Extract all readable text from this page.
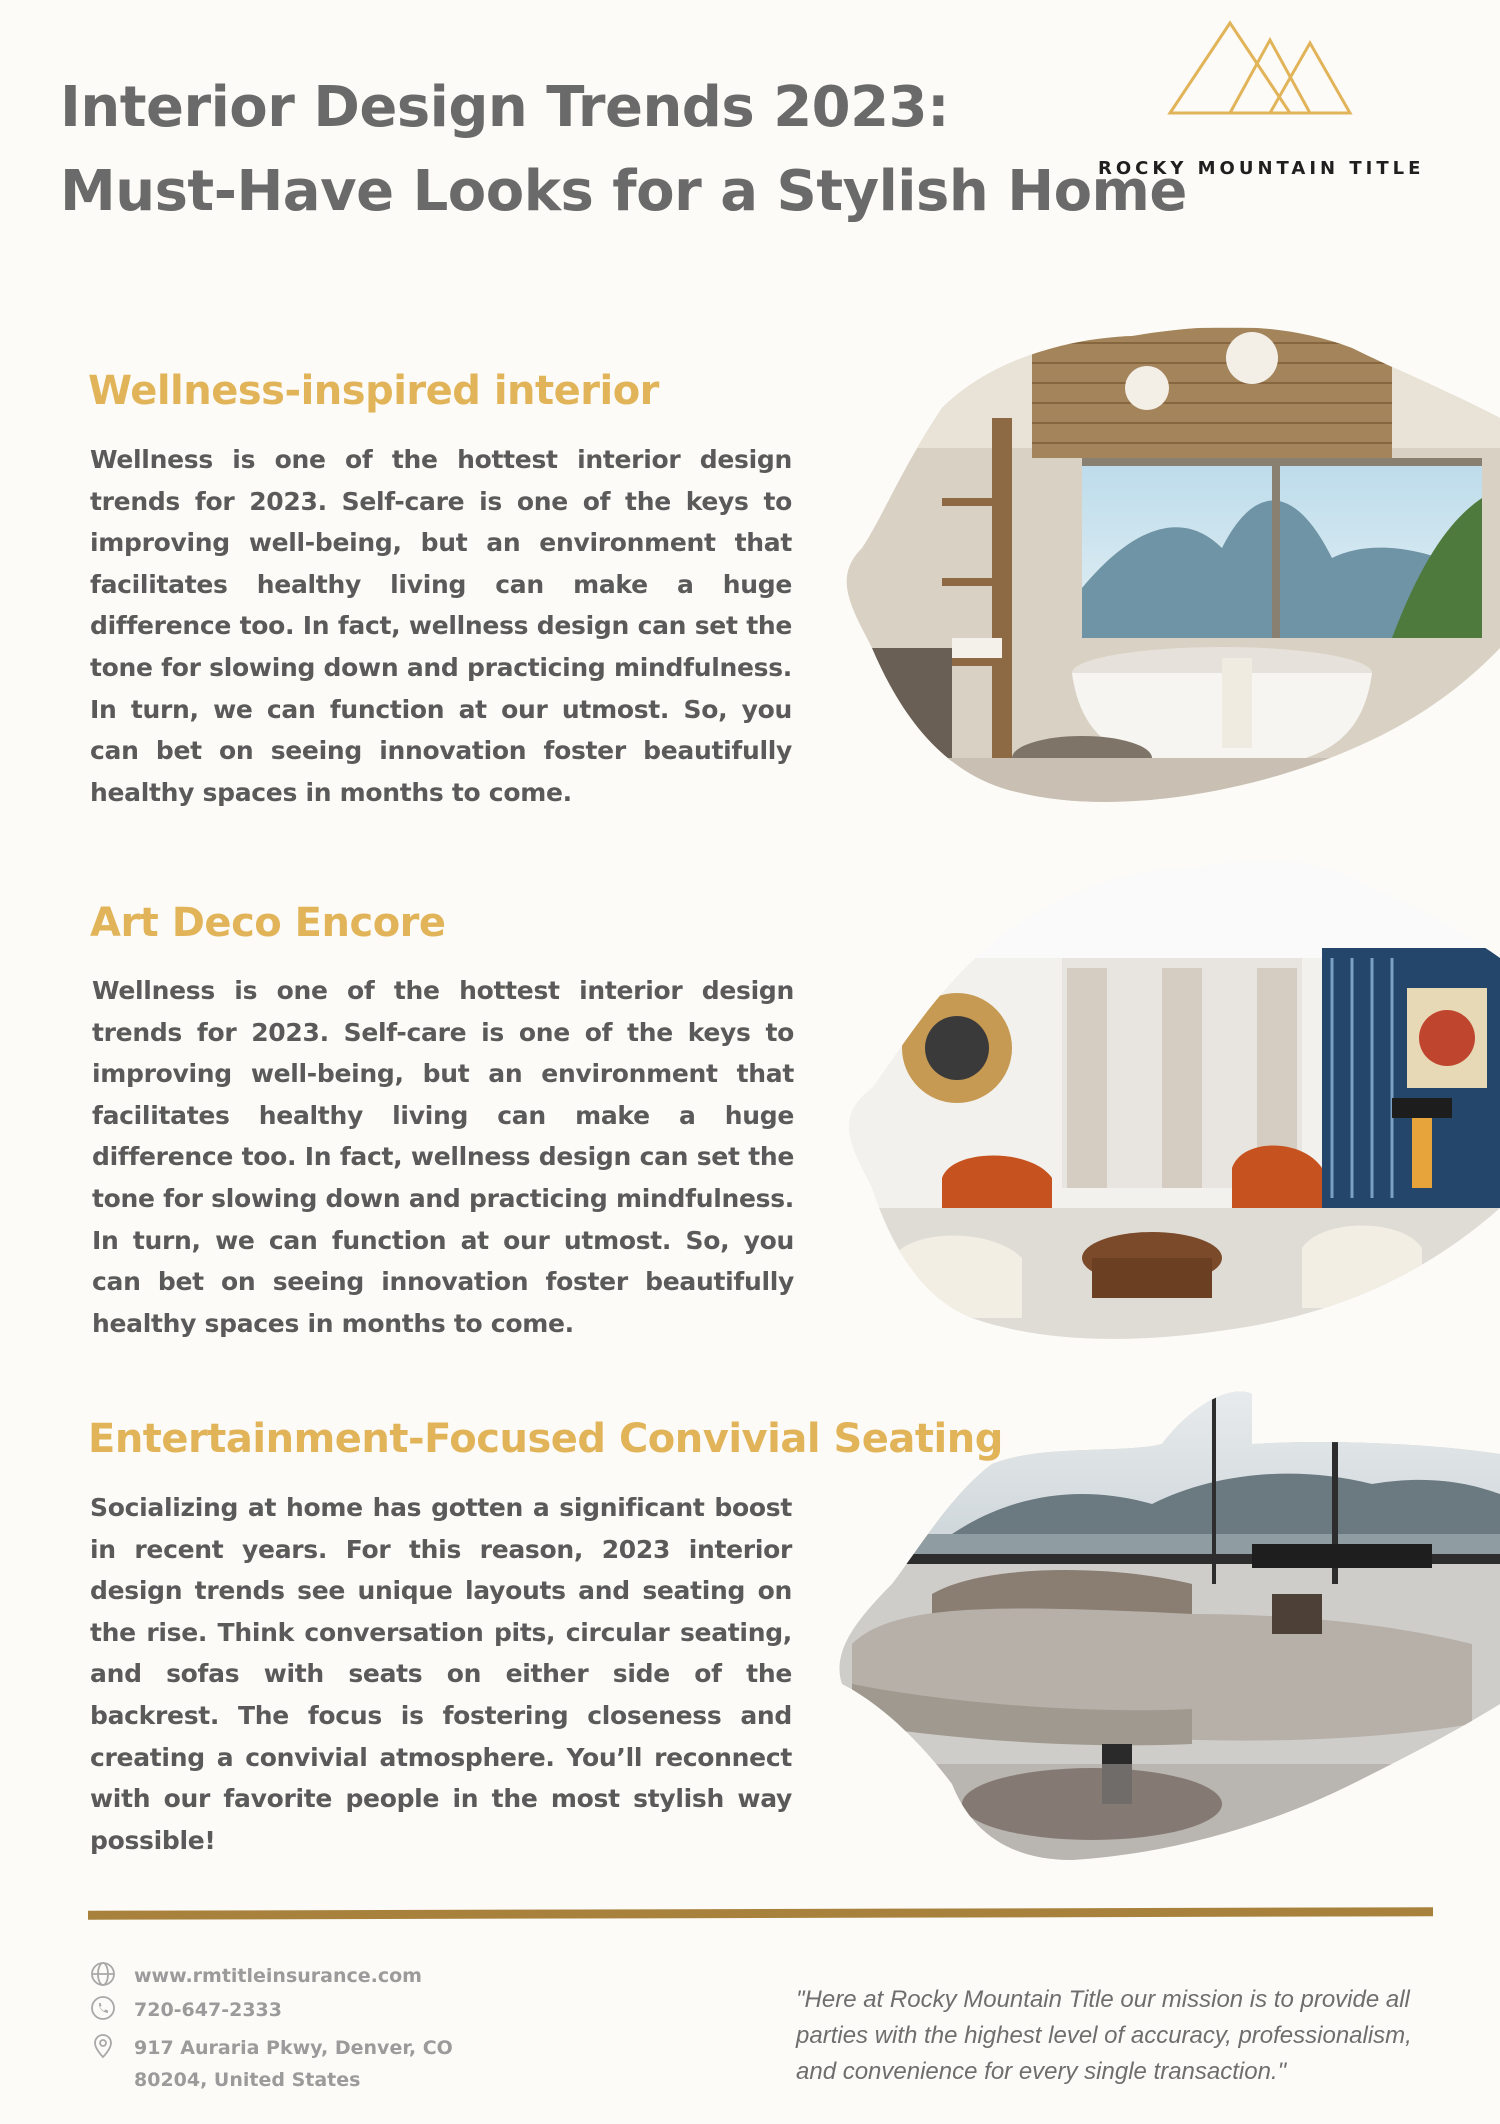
Interior Design Trends 2023:
Must-Have Looks for a Stylish Home
ROCKY MOUNTAIN TITLE
Wellness-inspired interior
Wellness is one of the hottest interior design trends for 2023. Self-care is one of the keys to improving well-being, but an environment that facilitates healthy living can make a huge difference too. In fact, wellness design can set the tone for slowing down and practicing mindfulness. In turn, we can function at our utmost. So, you can bet on seeing innovation foster beautifully healthy spaces in months to come.
Art Deco Encore
Wellness is one of the hottest interior design trends for 2023. Self-care is one of the keys to improving well-being, but an environment that facilitates healthy living can make a huge difference too. In fact, wellness design can set the tone for slowing down and practicing mindfulness. In turn, we can function at our utmost. So, you can bet on seeing innovation foster beautifully healthy spaces in months to come.
Entertainment-Focused Convivial Seating
Socializing at home has gotten a significant boost in recent years. For this reason, 2023 interior design trends see unique layouts and seating on the rise. Think conversation pits, circular seating, and sofas with seats on either side of the backrest. The focus is fostering closeness and creating a convivial atmosphere. You’ll reconnect with our favorite people in the most stylish way possible!
www.rmtitleinsurance.com
720-647-2333
917 Auraria Pkwy, Denver, CO
80204, United States
"Here at Rocky Mountain Title our mission is to provide all parties with the highest level of accuracy, professionalism, and convenience for every single transaction."
